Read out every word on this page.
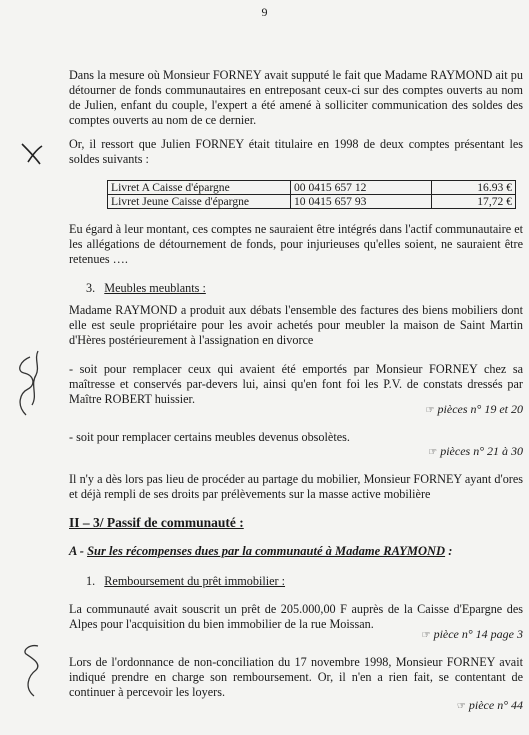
9
Dans la mesure où Monsieur FORNEY avait supputé le fait que Madame RAYMOND ait pu détourner de fonds communautaires en entreposant ceux-ci sur des comptes ouverts au nom de Julien, enfant du couple, l'expert a été amené à solliciter communication des soldes des comptes ouverts au nom de ce dernier.
Or, il ressort que Julien FORNEY était titulaire en 1998 de deux comptes présentant les soldes suivants :
Livret A Caisse d'épargne	00 0415 657 12	16.93 €
Livret Jeune Caisse d'épargne	10 0415 657 93	17,72 €
Eu égard à leur montant, ces comptes ne sauraient être intégrés dans l'actif communautaire et les allégations de détournement de fonds, pour injurieuses qu'elles soient, ne sauraient être retenues ….
3. Meubles meublants :
Madame RAYMOND a produit aux débats l'ensemble des factures des biens mobiliers dont elle est seule propriétaire pour les avoir achetés pour meubler la maison de Saint Martin d'Hères postérieurement à l'assignation en divorce
- soit pour remplacer ceux qui avaient été emportés par Monsieur FORNEY chez sa maîtresse et conservés par-devers lui, ainsi qu'en font foi les P.V. de constats dressés par Maître ROBERT huissier.
☞ pièces n° 19 et 20
- soit pour remplacer certains meubles devenus obsolètes.
☞ pièces n° 21 à 30
Il n'y a dès lors pas lieu de procéder au partage du mobilier, Monsieur FORNEY ayant d'ores et déjà rempli de ses droits par prélèvements sur la masse active mobilière
II – 3/ Passif de communauté :
A - Sur les récompenses dues par la communauté à Madame RAYMOND :
1. Remboursement du prêt immobilier :
La communauté avait souscrit un prêt de 205.000,00 F auprès de la Caisse d'Epargne des Alpes pour l'acquisition du bien immobilier de la rue Moissan.
☞ pièce n° 14 page 3
Lors de l'ordonnance de non-conciliation du 17 novembre 1998, Monsieur FORNEY avait indiqué prendre en charge son remboursement. Or, il n'en a rien fait, se contentant de continuer à percevoir les loyers.
☞ pièce n° 44
